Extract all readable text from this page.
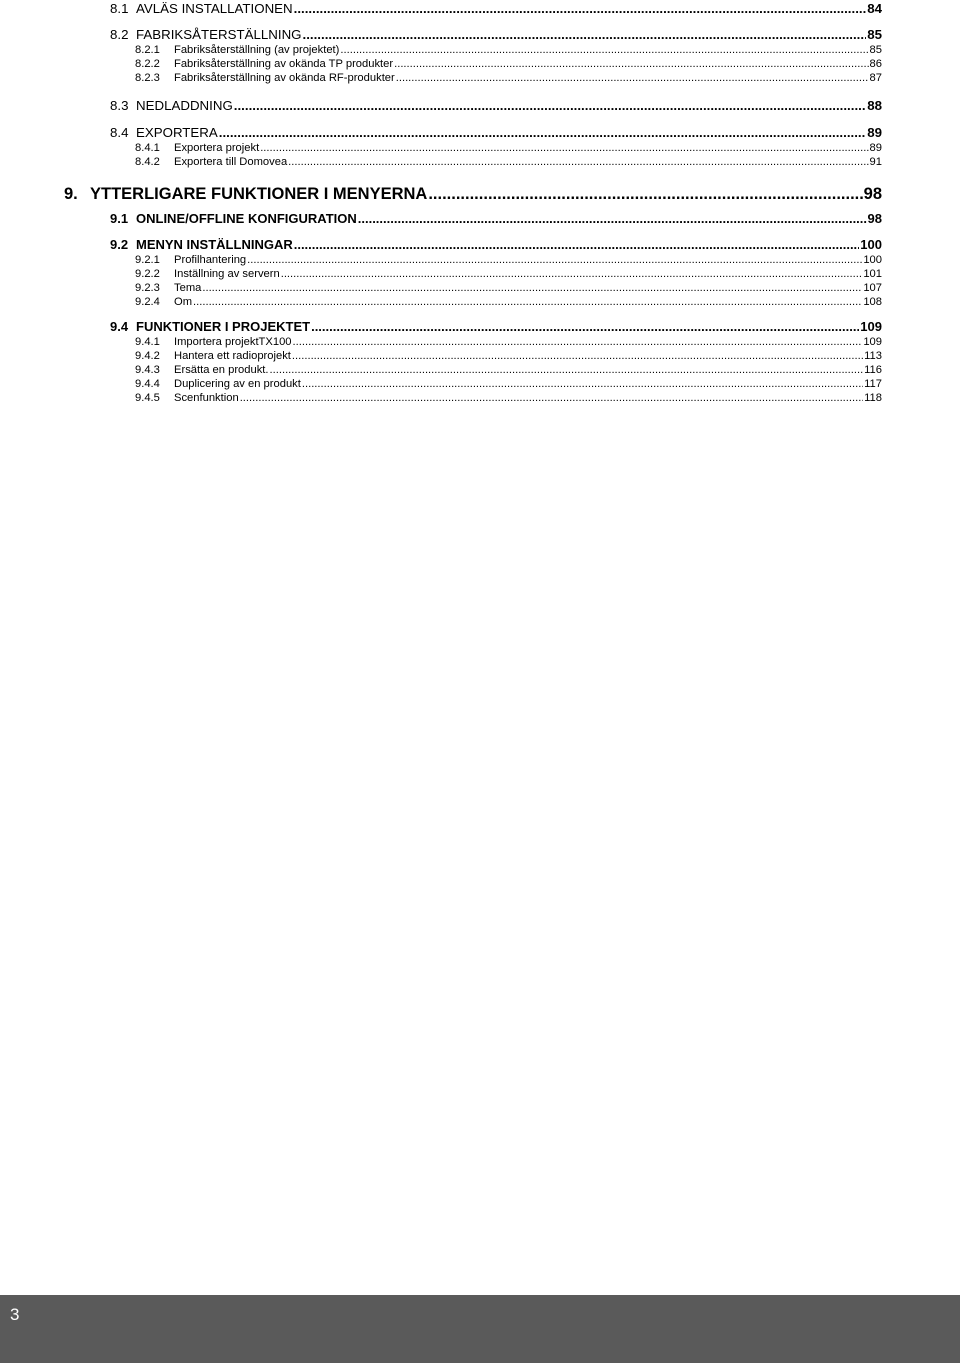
8.1 AVLÄS INSTALLATIONEN .....	84
8.2 FABRIKSÅTERSTÄLLNING .....	85
8.2.1	Fabriksåterställning (av projektet) .....	85
8.2.2	Fabriksåterställning av okända TP produkter .....	86
8.2.3	Fabriksåterställning av okända RF-produkter .....	87
8.3 NEDLADDNING .....	88
8.4 EXPORTERA .....	89
8.4.1	Exportera projekt .....	89
8.4.2	Exportera till Domovea .....	91
9. YTTERLIGARE FUNKTIONER I MENYERNA .....	98
9.1 ONLINE/OFFLINE KONFIGURATION .....	98
9.2 MENYN INSTÄLLNINGAR .....	100
9.2.1	Profilhantering .....	100
9.2.2	Inställning av servern .....	101
9.2.3	Tema .....	107
9.2.4	Om .....	108
9.4 FUNKTIONER I PROJEKTET .....	109
9.4.1	Importera projektTX100 .....	109
9.4.2	Hantera ett radioprojekt .....	113
9.4.3	Ersätta en produkt. .....	116
9.4.4	Duplicering av en produkt .....	117
9.4.5	Scenfunktion .....	118
3
